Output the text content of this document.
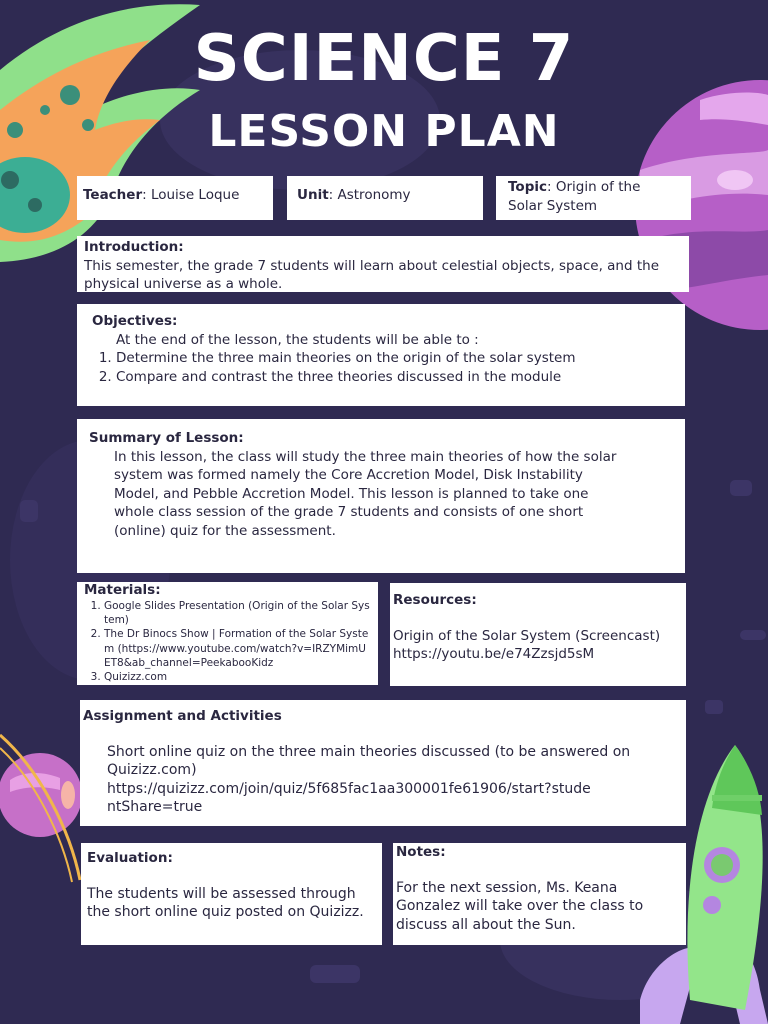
SCIENCE 7
LESSON PLAN
Teacher: Louise Loque	Unit: Astronomy	Topic: Origin of the Solar System
Introduction:
This semester, the grade 7 students will learn about celestial objects, space, and the physical universe as a whole.
Objectives:
At the end of the lesson, the students will be able to :
1. Determine the three main theories on the origin of the solar system
2. Compare and contrast the three theories discussed in the module
Summary of Lesson:
In this lesson, the class will study the three main theories of how the solar system was formed namely the Core Accretion Model, Disk Instability Model, and Pebble Accretion Model. This lesson is planned to take one whole class session of the grade 7 students and consists of one short (online) quiz for the assessment.
Materials:
1. Google Slides Presentation (Origin of the Solar System)
2. The Dr Binocs Show | Formation of the Solar System (https://www.youtube.com/watch?v=IRZYMimUET8&ab_channel=PeekabooKidz
3. Quizizz.com
Resources:
Origin of the Solar System (Screencast)
https://youtu.be/e74Zzsjd5sM
Assignment and Activities
Short online quiz on the three main theories discussed (to be answered on Quizizz.com)
https://quizizz.com/join/quiz/5f685fac1aa300001fe61906/start?studentShare=true
Evaluation:
The students will be assessed through the short online quiz posted on Quizizz.
Notes:
For the next session, Ms. Keana Gonzalez will take over the class to discuss all about the Sun.
